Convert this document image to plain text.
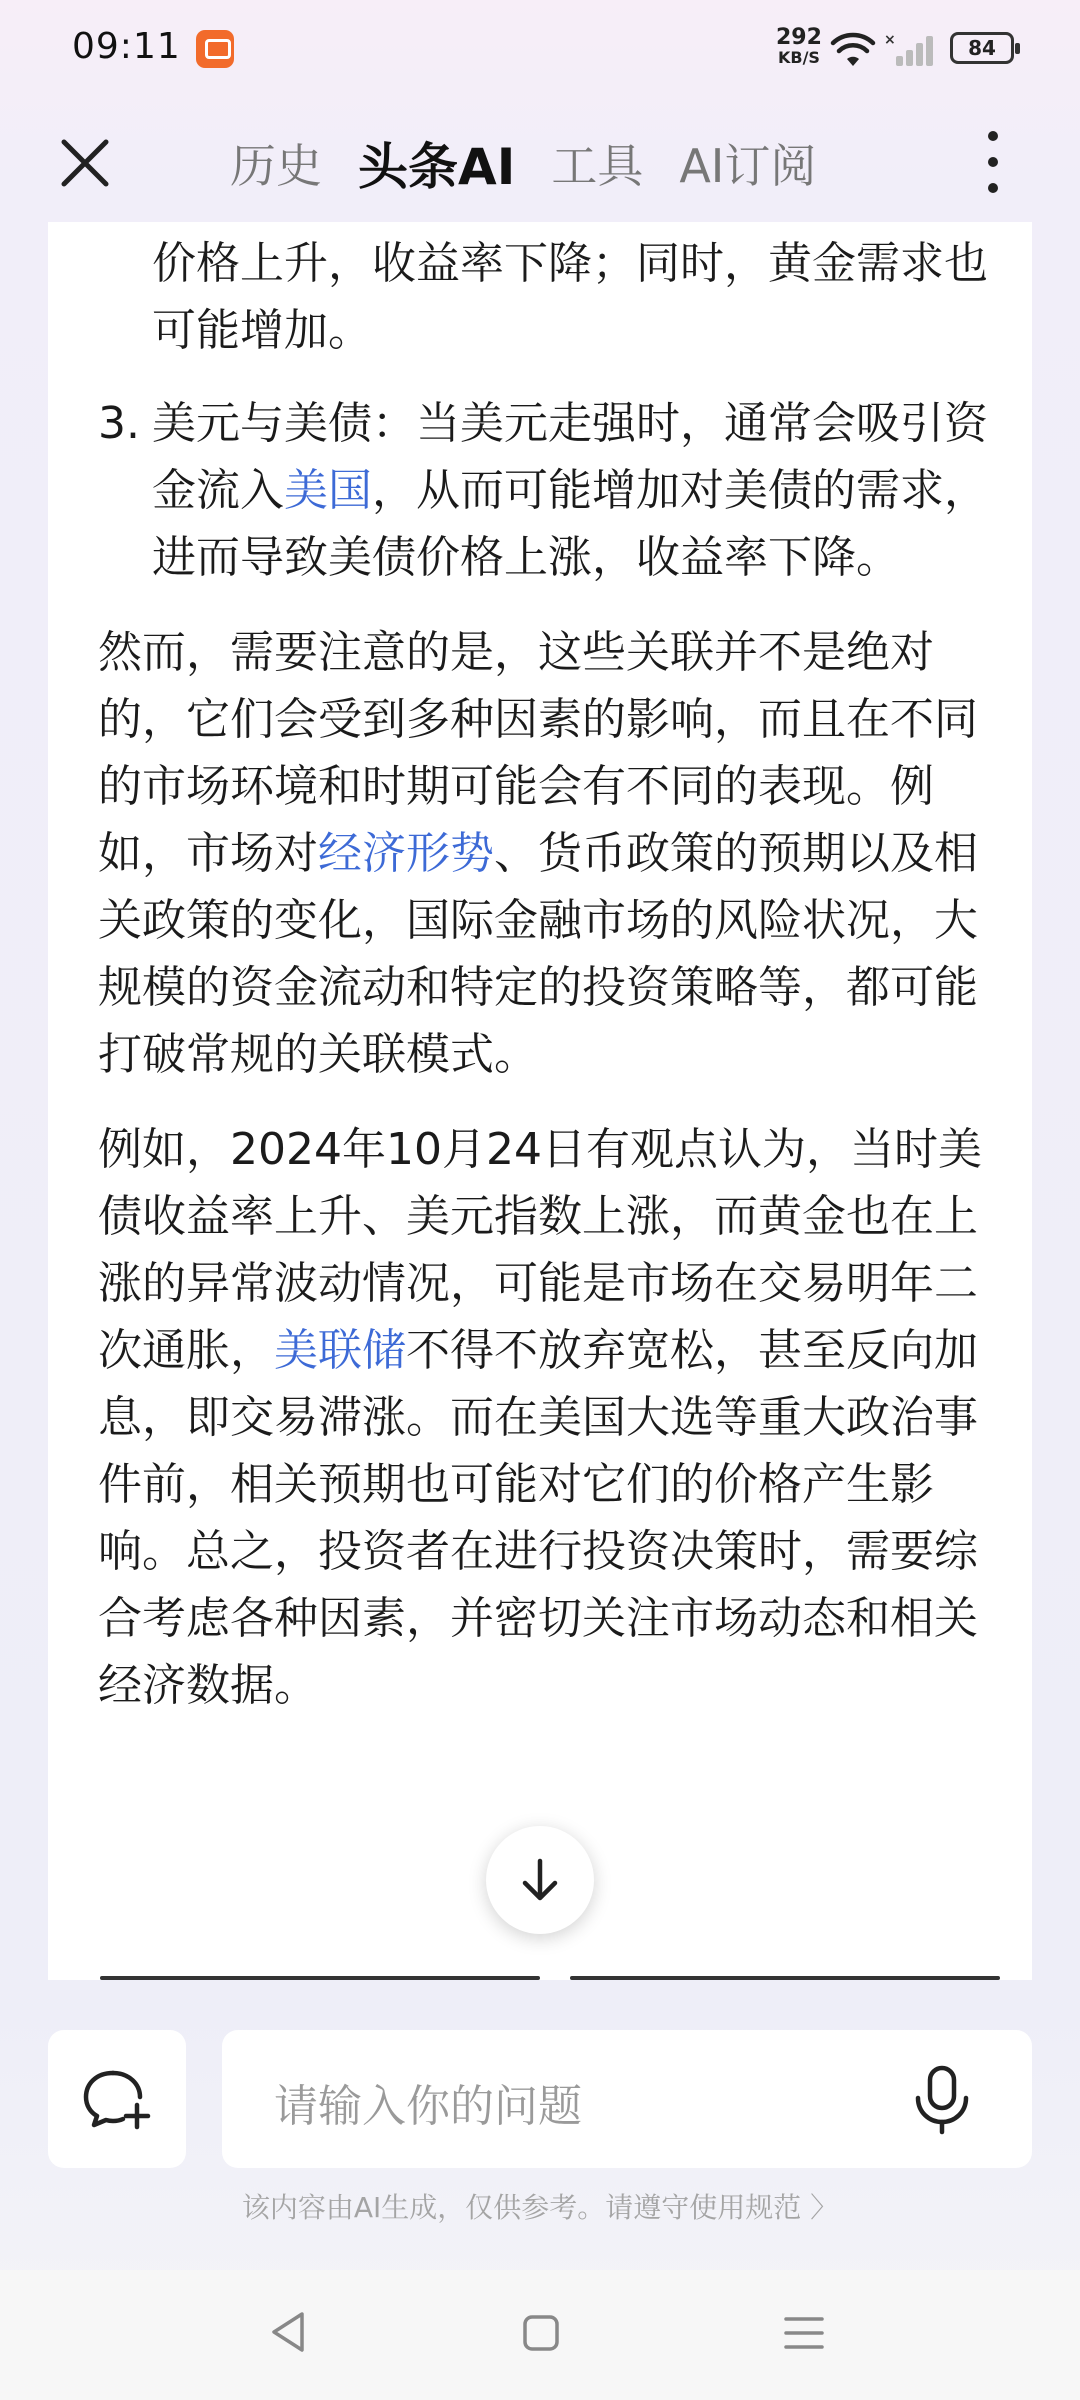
09:11	292
KB/S
×	84
历史 头条AI 工具 AI订阅
价格上升，收益率下降；同时，黄金需求也可能增加。
3. 美元与美债：当美元走强时，通常会吸引资金流入美国，从而可能增加对美债的需求，进而导致美债价格上涨，收益率下降。
然而，需要注意的是，这些关联并不是绝对的，它们会受到多种因素的影响，而且在不同的市场环境和时期可能会有不同的表现。例如，市场对经济形势、货币政策的预期以及相关政策的变化，国际金融市场的风险状况，大规模的资金流动和特定的投资策略等，都可能打破常规的关联模式。
例如，2024年10月24日有观点认为，当时美债收益率上升、美元指数上涨，而黄金也在上涨的异常波动情况，可能是市场在交易明年二次通胀，美联储不得不放弃宽松，甚至反向加息，即交易滞涨。而在美国大选等重大政治事件前，相关预期也可能对它们的价格产生影响。总之，投资者在进行投资决策时，需要综合考虑各种因素，并密切关注市场动态和相关经济数据。
请输入你的问题
该内容由AI生成，仅供参考。请遵守使用规范 〉
